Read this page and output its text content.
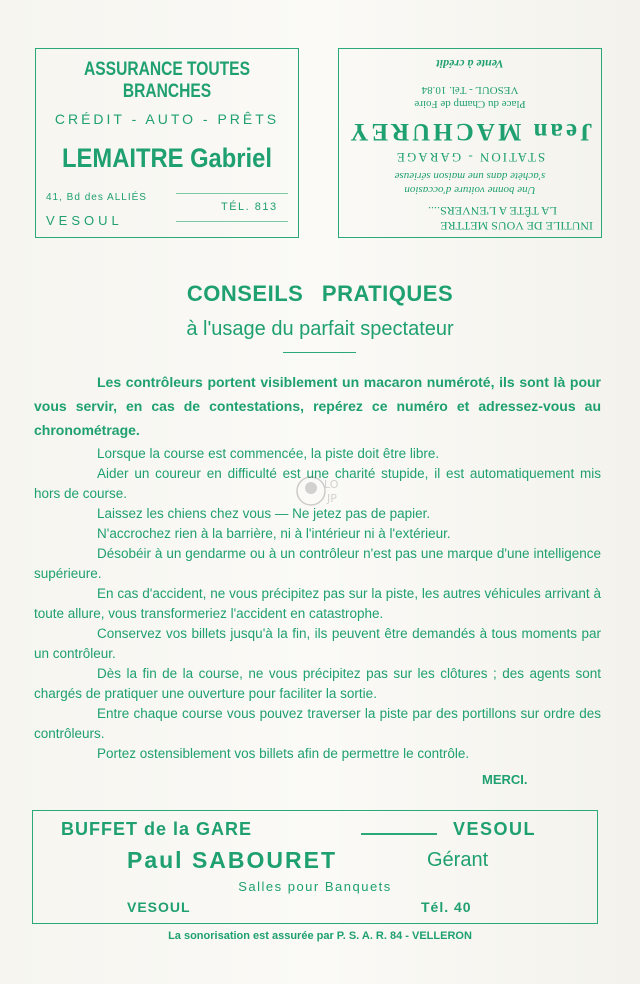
ASSURANCE TOUTES BRANCHES
CRÉDIT - AUTO - PRÊTS
LEMAITRE Gabriel
41, Bd des ALLIÉS
TÉL. 813
VESOUL	INUTILE DE VOUS METTRE
LA TÊTE A L'ENVERS....
Une bonne voiture d'occasion
s'achète dans une maison sérieuse
STATION - GARAGE
Jean MACHUREY
Place du Champ de Foire
VESOUL - Tél. 10.84
Vente à crédit
CONSEILS PRATIQUES
à l'usage du parfait spectateur

Les contrôleurs portent visiblement un macaron numéroté, ils sont là pour vous servir, en cas de contestations, repérez ce numéro et adressez-vous au chronométrage.

Lorsque la course est commencée, la piste doit être libre.

Aider un coureur en difficulté est une charité stupide, il est automatiquement mis hors de course.

Laissez les chiens chez vous — Ne jetez pas de papier.

N'accrochez rien à la barrière, ni à l'intérieur ni à l'extérieur.

Désobéir à un gendarme ou à un contrôleur n'est pas une marque d'une intelligence supérieure.

En cas d'accident, ne vous précipitez pas sur la piste, les autres véhicules arrivant à toute allure, vous transformeriez l'accident en catastrophe.

Conservez vos billets jusqu'à la fin, ils peuvent être demandés à tous moments par un contrôleur.

Dès la fin de la course, ne vous précipitez pas sur les clôtures ; des agents sont chargés de pratiquer une ouverture pour faciliter la sortie.

Entre chaque course vous pouvez traverser la piste par des portillons sur ordre des contrôleurs.

Portez ostensiblement vos billets afin de permettre le contrôle.

MERCI.
LO
JP
BUFFET de la GARE	VESOUL
Paul SABOURET	Gérant
Salles pour Banquets
VESOUL	Tél. 40
La sonorisation est assurée par P. S. A. R. 84 - VELLERON
